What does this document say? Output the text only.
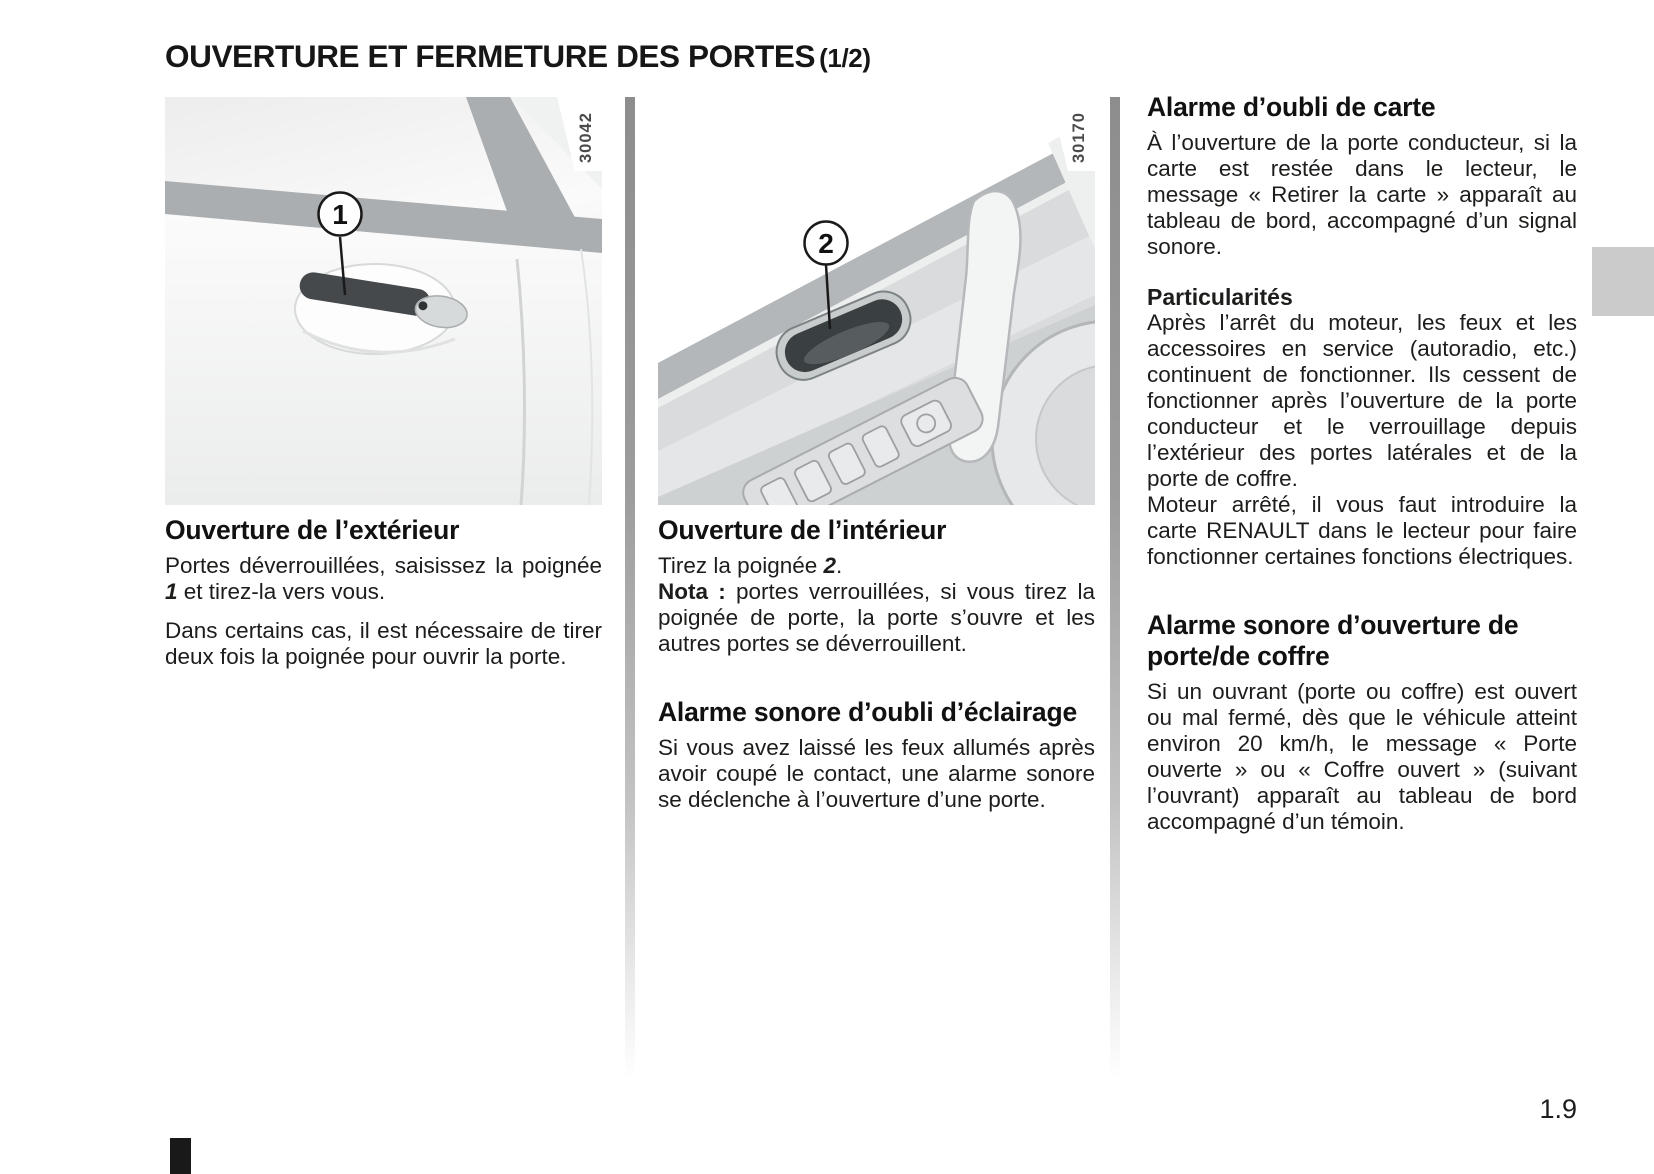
OUVERTURE ET FERMETURE DES PORTES (1/2)
1
30042
2
30170
Ouverture de l’extérieur

Portes déverrouillées, saisissez la poignée 1 et tirez-la vers vous.

Dans certains cas, il est nécessaire de tirer deux fois la poignée pour ouvrir la porte.

Ouverture de l’intérieur

Tirez la poignée 2.

Nota : portes verrouillées, si vous tirez la poignée de porte, la porte s’ouvre et les autres portes se déverrouillent.

Alarme sonore d’oubli d’éclairage

Si vous avez laissé les feux allumés après avoir coupé le contact, une alarme sonore se déclenche à l’ouverture d’une porte.

Alarme d’oubli de carte

À l’ouverture de la porte conducteur, si la carte est restée dans le lecteur, le message « Retirer la carte » apparaît au tableau de bord, accompagné d’un signal sonore.

Particularités

Après l’arrêt du moteur, les feux et les accessoires en service (autoradio, etc.) continuent de fonctionner. Ils cessent de fonctionner après l’ouverture de la porte conducteur et le verrouillage depuis l’extérieur des portes latérales et de la porte de coffre.

Moteur arrêté, il vous faut introduire la carte RENAULT dans le lecteur pour faire fonctionner certaines fonctions électriques.

Alarme sonore d’ouverture de porte/de coffre

Si un ouvrant (porte ou coffre) est ouvert ou mal fermé, dès que le véhicule atteint environ 20 km/h, le message « Porte ouverte » ou « Coffre ouvert » (suivant l’ouvrant) apparaît au tableau de bord accompagné d’un témoin.

1.9
